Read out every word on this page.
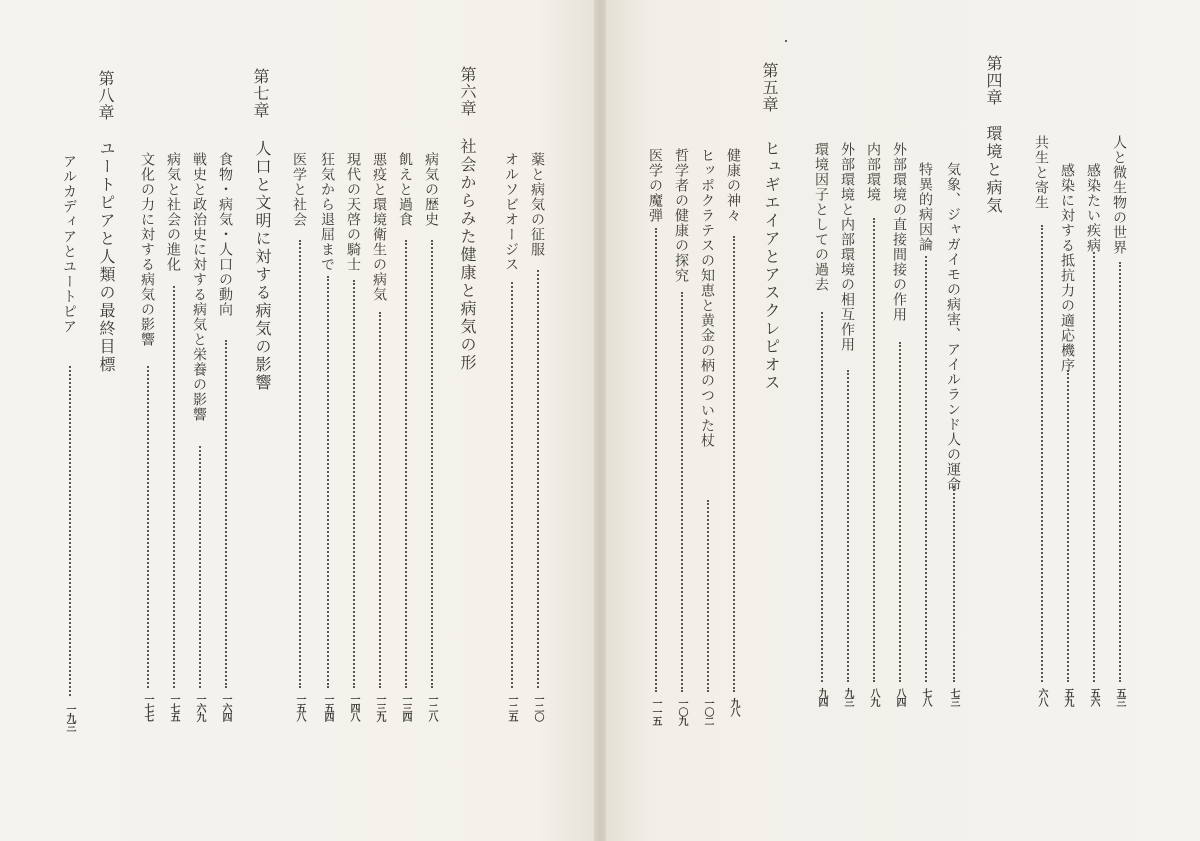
第四章
環境と病気
第五章
ヒュギエイアとアスクレピオス
第六章
社会からみた健康と病気の形
第七章
人口と文明に対する病気の影響
第八章
ユートピアと人類の最終目標	人と微生物の世界
五三
感染たい疾病
五六
感染に対する抵抗力の適応機序
五九
共生と寄生
六八
気象、ジャガイモの病害、アイルランド人の運命
七三
特異的病因論
七八
外部環境の直接間接の作用
八四
内部環境
八九
外部環境と内部環境の相互作用
九三
環境因子としての過去
九四
健康の神々
九八
ヒッポクラテスの知恵と黄金の柄のついた杖
一〇二
哲学者の健康の探究
一〇九
医学の魔弾
一一五
薬と病気の征服
一二〇
オルソビオージス
一二五
病気の歴史
一二八
飢えと過食
一三四
悪疫と環境衛生の病気
一三九
現代の天啓の騎士
一四八
狂気から退屈まで
一五四
医学と社会
一五八
食物・病気・人口の動向
一六四
戦史と政治史に対する病気と栄養の影響
一六九
病気と社会の進化
一七五
文化の力に対する病気の影響
一七七
アルカディアとユートピア
一九三
